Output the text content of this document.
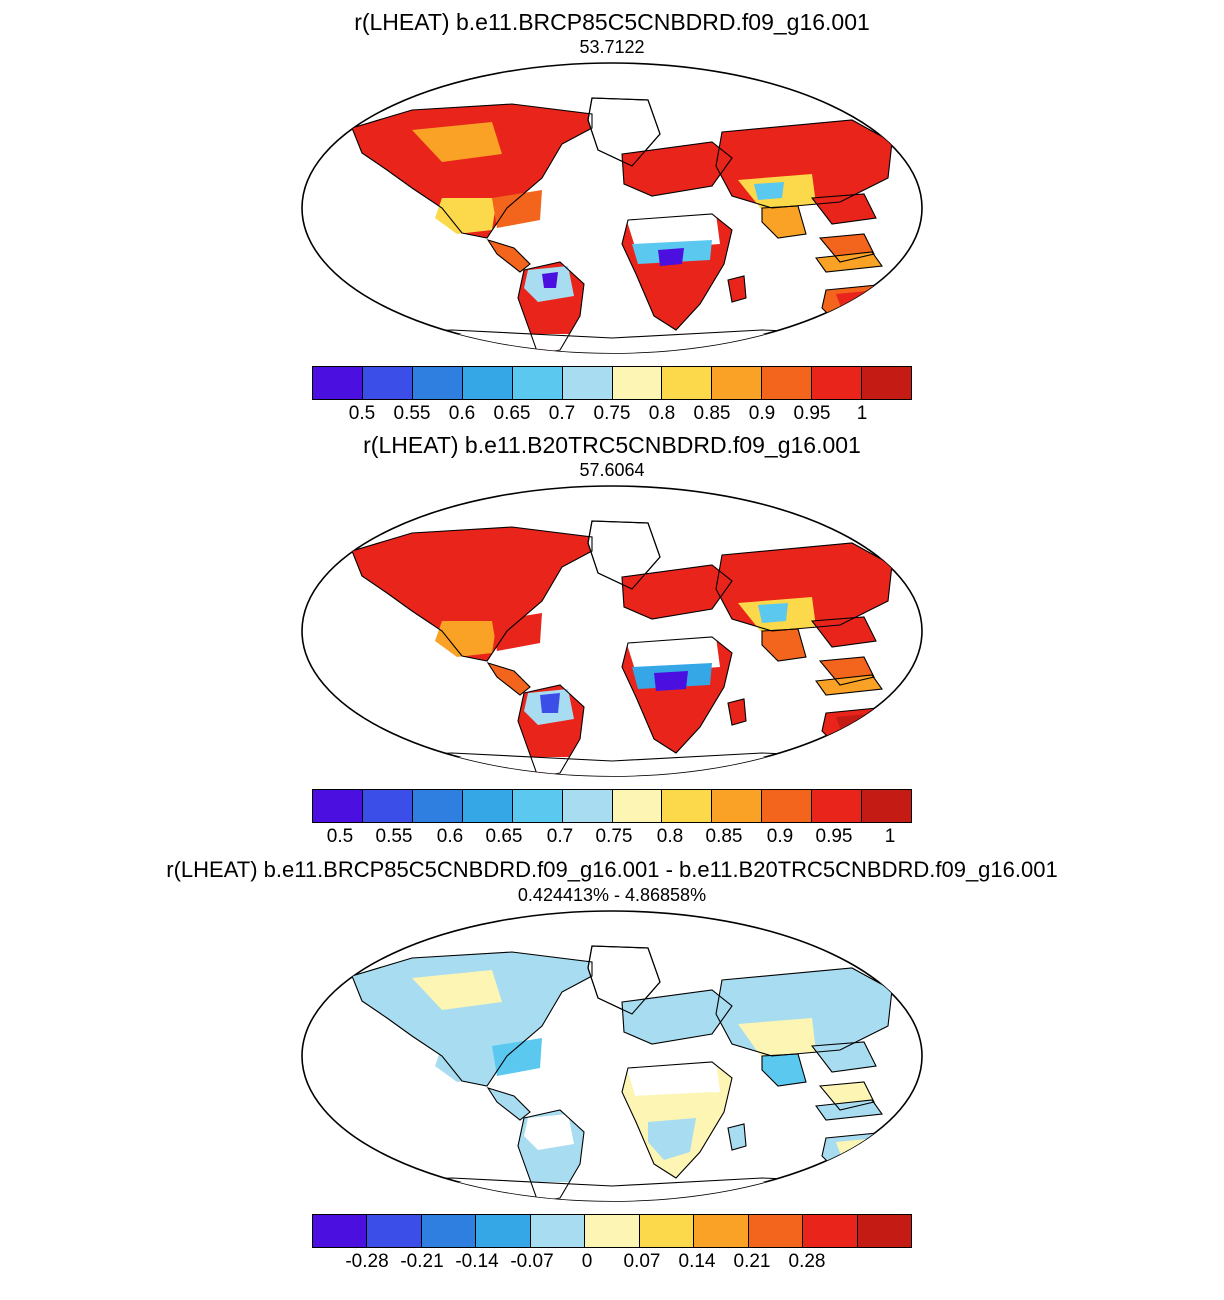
r(LHEAT) b.e11.BRCP85C5CNBDRD.f09_g16.001
53.7122
0.5 0.55 0.6 0.65 0.7 0.75 0.8 0.85 0.9 0.95 1
r(LHEAT) b.e11.B20TRC5CNBDRD.f09_g16.001
57.6064
0.5 0.55 0.6 0.65 0.7 0.75 0.8 0.85 0.9 0.95 1
r(LHEAT) b.e11.BRCP85C5CNBDRD.f09_g16.001 - b.e11.B20TRC5CNBDRD.f09_g16.001
0.424413% - 4.86858%
-0.28 -0.21 -0.14 -0.07 0 0.07 0.14 0.21 0.28
